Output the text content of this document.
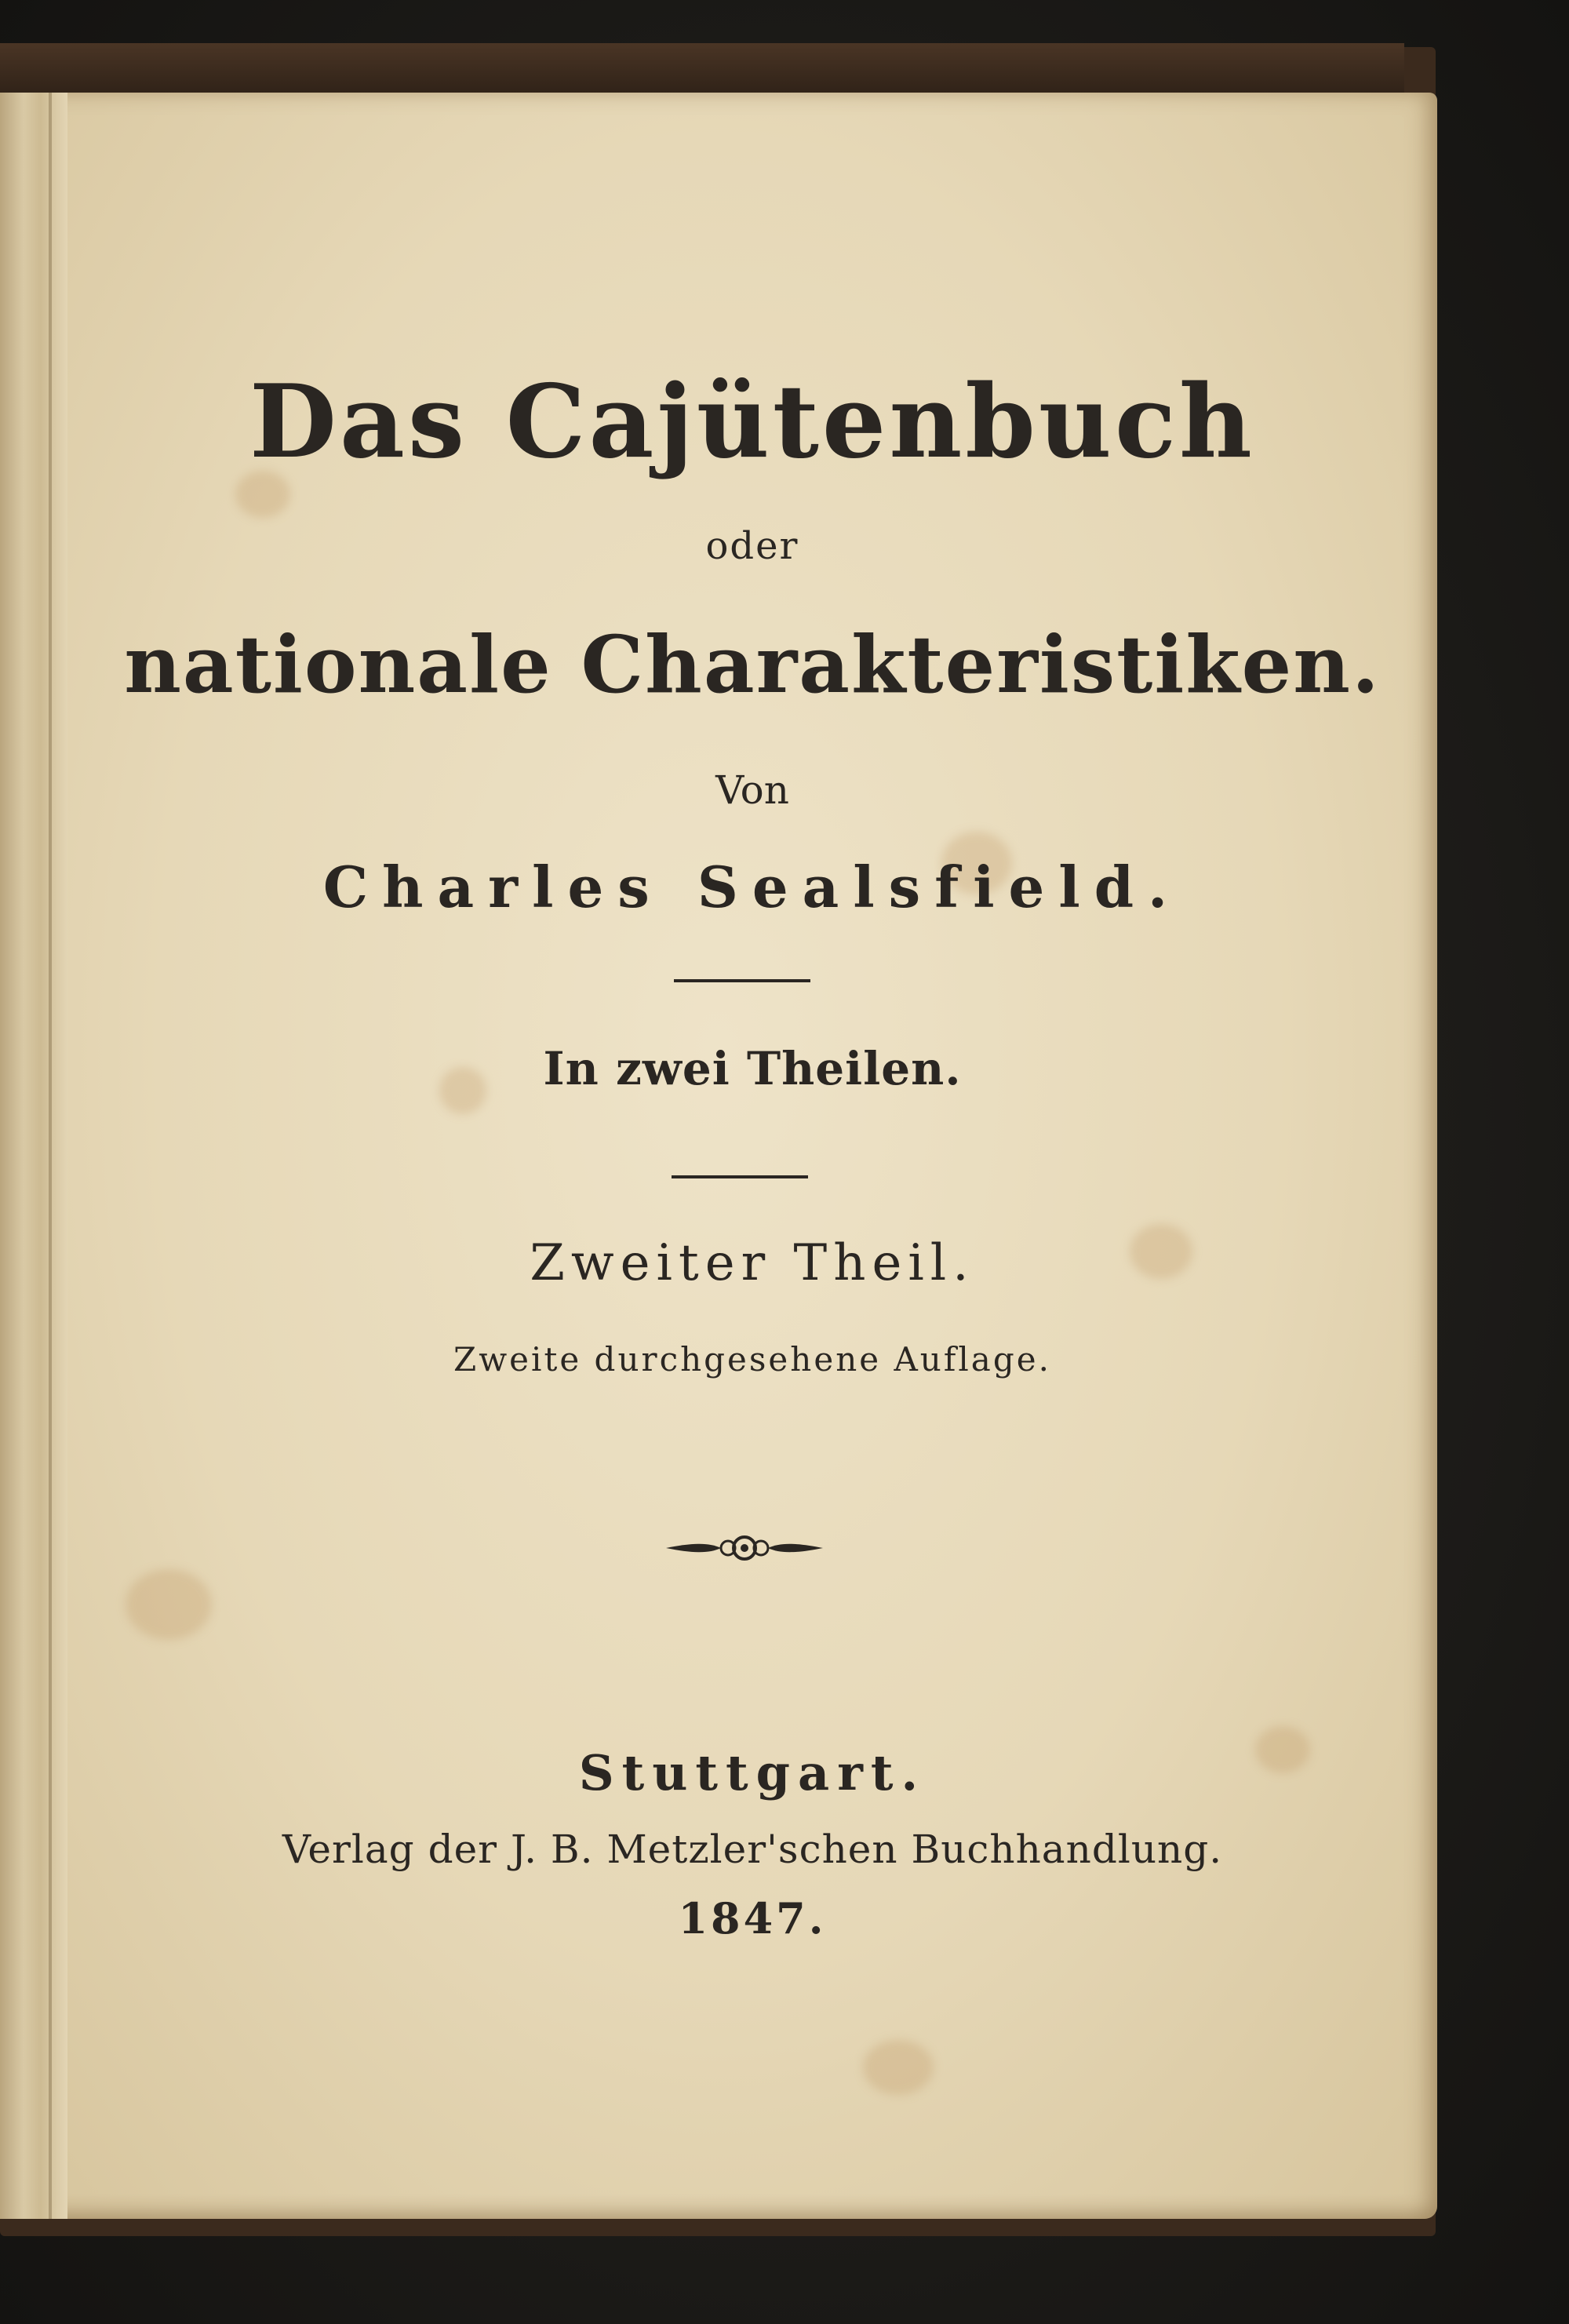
Das Cajütenbuch
oder
nationale Charakteristiken.
Von
Charles Sealsfield.
In zwei Theilen.
Zweiter Theil.
Zweite durchgesehene Auflage.
Stuttgart.
Verlag der J. B. Metzler'schen Buchhandlung.
1847.
